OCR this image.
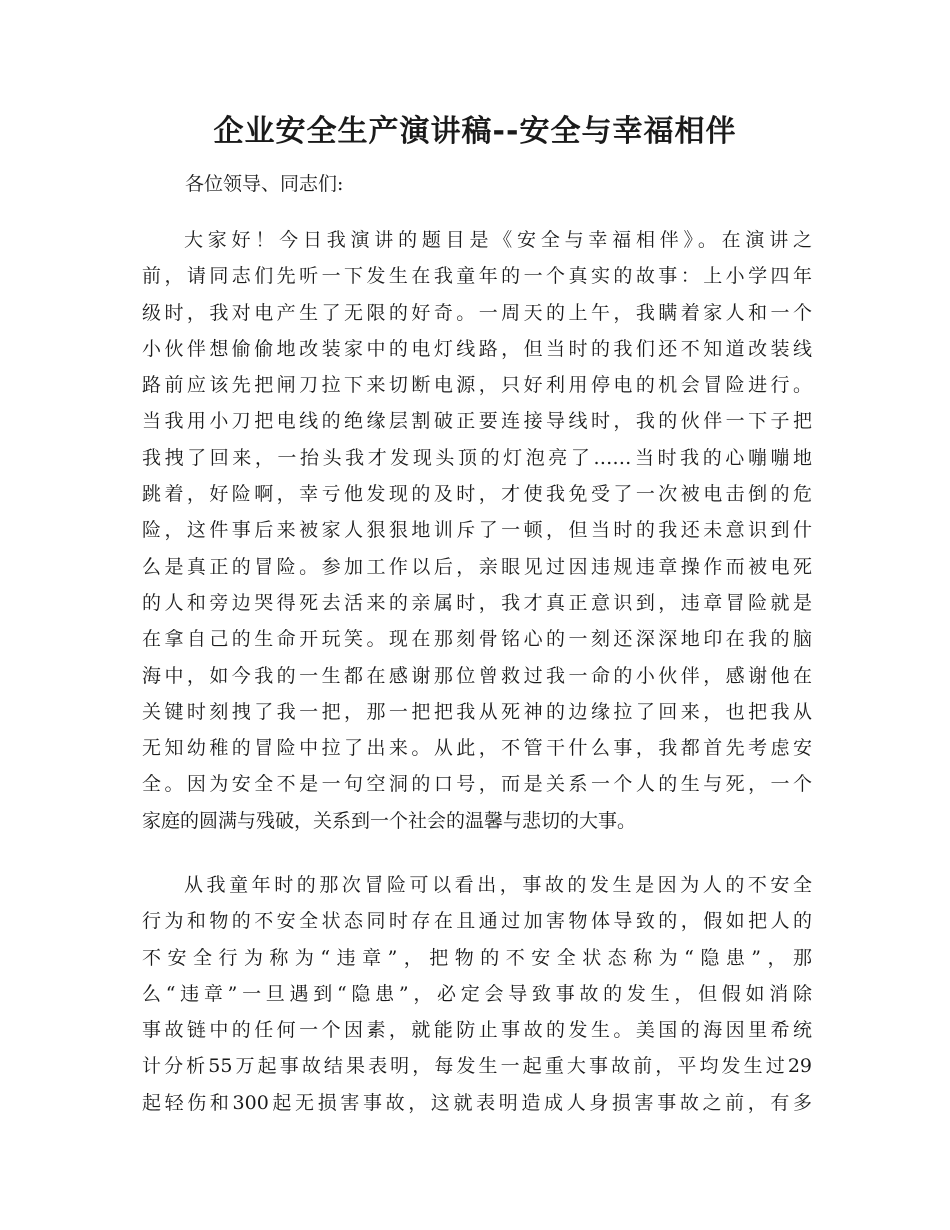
企业安全生产演讲稿--安全与幸福相伴

各位领导、同志们:

大家好！今日我演讲的题目是《安全与幸福相伴》。在演讲之
前，请同志们先听一下发生在我童年的一个真实的故事：上小学四年
级时，我对电产生了无限的好奇。一周天的上午，我瞒着家人和一个
小伙伴想偷偷地改装家中的电灯线路，但当时的我们还不知道改装线
路前应该先把闸刀拉下来切断电源，只好利用停电的机会冒险进行。
当我用小刀把电线的绝缘层割破正要连接导线时，我的伙伴一下子把
我拽了回来，一抬头我才发现头顶的灯泡亮了……当时我的心嘣嘣地
跳着，好险啊，幸亏他发现的及时，才使我免受了一次被电击倒的危
险，这件事后来被家人狠狠地训斥了一顿，但当时的我还未意识到什
么是真正的冒险。参加工作以后，亲眼见过因违规违章操作而被电死
的人和旁边哭得死去活来的亲属时，我才真正意识到，违章冒险就是
在拿自己的生命开玩笑。现在那刻骨铭心的一刻还深深地印在我的脑
海中，如今我的一生都在感谢那位曾救过我一命的小伙伴，感谢他在
关键时刻拽了我一把，那一把把我从死神的边缘拉了回来，也把我从
无知幼稚的冒险中拉了出来。从此，不管干什么事，我都首先考虑安
全。因为安全不是一句空洞的口号，而是关系一个人的生与死，一个
家庭的圆满与残破，关系到一个社会的温馨与悲切的大事。
从我童年时的那次冒险可以看出，事故的发生是因为人的不安全
行为和物的不安全状态同时存在且通过加害物体导致的，假如把人的
不安全行为称为“违章”，把物的不安全状态称为“隐患”，那
么“违章”一旦遇到“隐患”，必定会导致事故的发生，但假如消除
事故链中的任何一个因素，就能防止事故的发生。美国的海因里希统
计分析55万起事故结果表明，每发生一起重大事故前，平均发生过29
起轻伤和300起无损害事故，这就表明造成人身损害事故之前，有多
